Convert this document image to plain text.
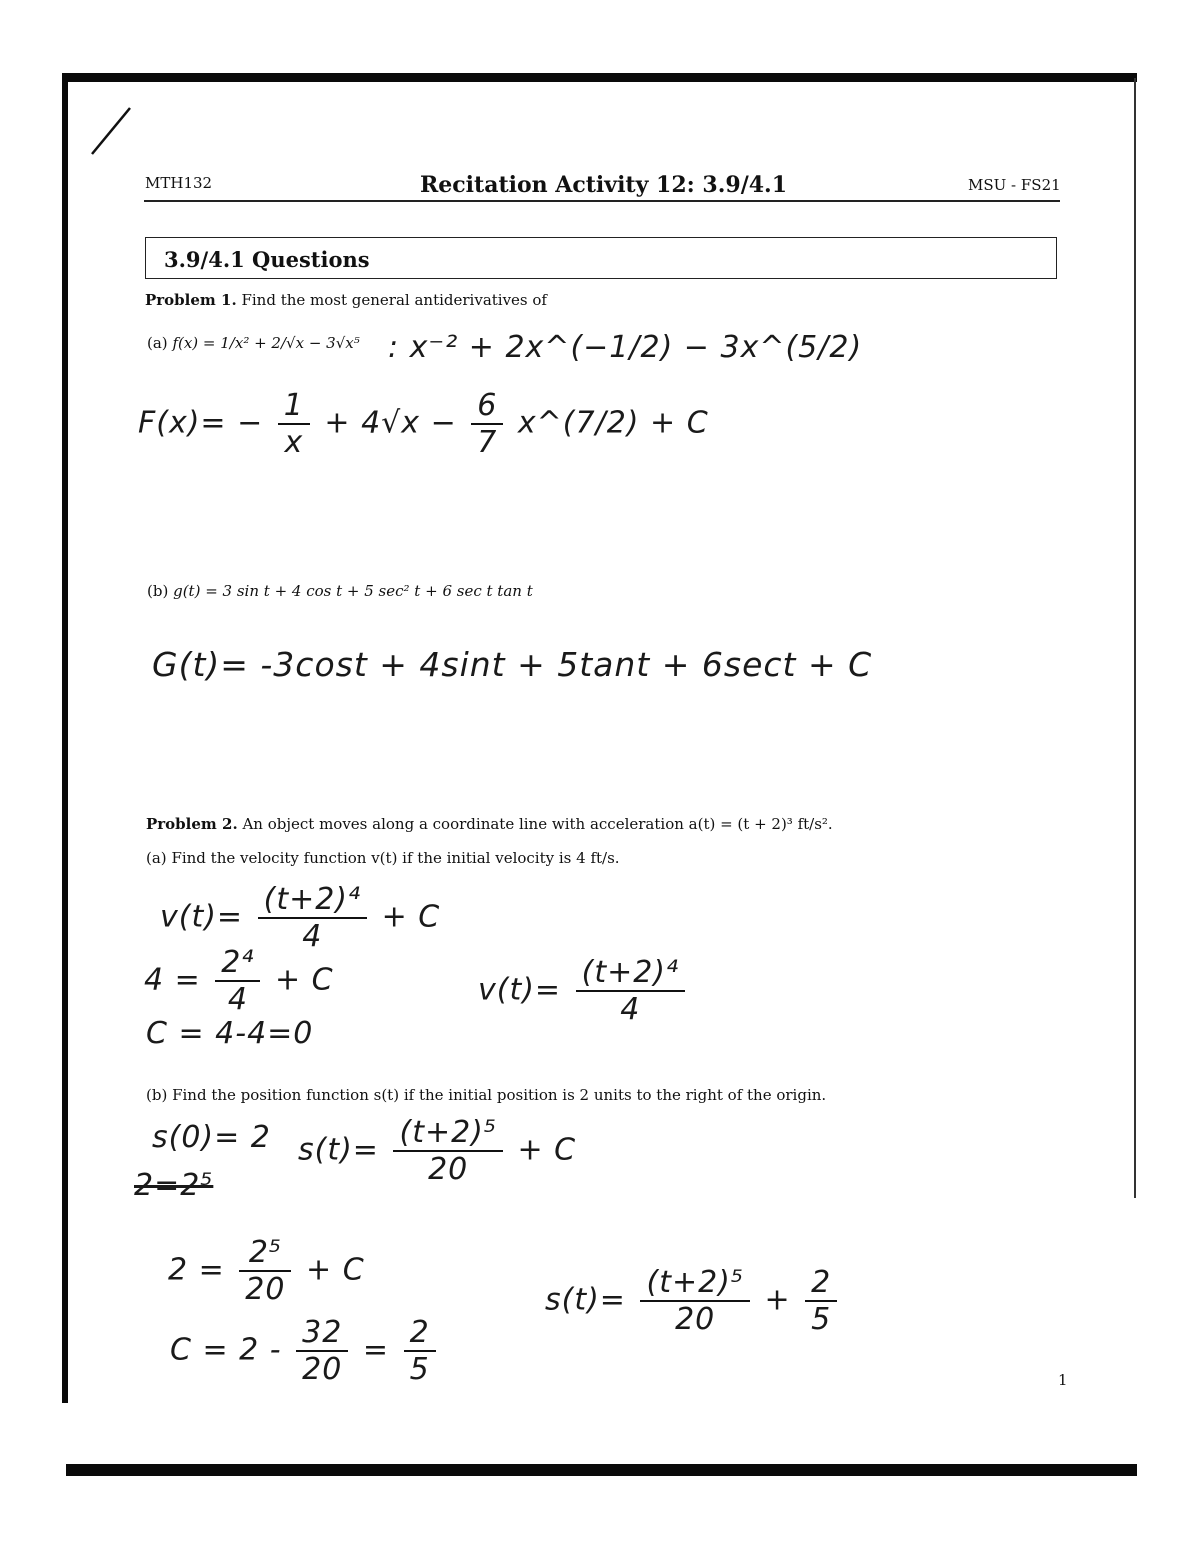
MTH132	Recitation Activity 12: 3.9/4.1	MSU - FS21
3.9/4.1 Questions
Problem 1. Find the most general antiderivatives of
(a) f(x) = 1/x² + 2/√x − 3√x⁵ : x⁻² + 2x^(−1/2) − 3x^(5/2)
$F(x)= - \frac{1}{x} + 4√x - \frac{6}{7}$ x^(7/2) + C
(b) g(t) = 3 sin t + 4 cos t + 5 sec² t + 6 sec t tan t
G(t)= -3cost + 4sint + 5tant + 6sect + C
Problem 2. An object moves along a coordinate line with acceleration a(t) = (t + 2)³ ft/s².
(a) Find the velocity function v(t) if the initial velocity is 4 ft/s.
$v(t)= \frac{\text{(t+2)⁴}}{4} + C$
$4 = \frac{\text{2⁴}}{4} + C$
C = 4-4=0
$v(t)= \frac{\text{(t+2)⁴}}{4}$
(b) Find the position function s(t) if the initial position is 2 units to the right of the origin.
s(0)= 2 $s(t)= \frac{\text{(t+2)⁵}}{20} + C$
2=2⁵
$2 = \frac{\text{2⁵}}{20} + C$
$C = 2 - \frac{32}{20} = \frac{2}{5}$
$s(t)= \frac{\text{(t+2)⁵}}{20} + \frac{2}{5}$
1
